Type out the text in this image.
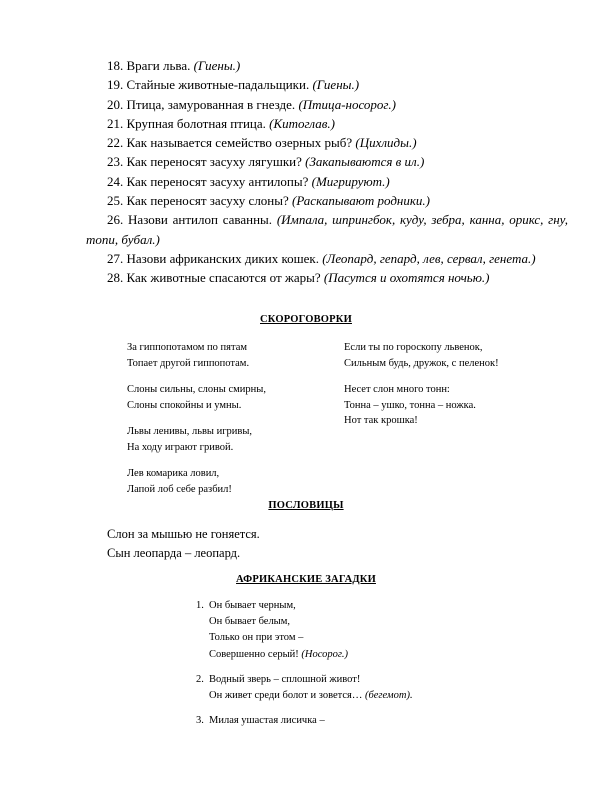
18. Враги льва. (Гиены.)
19. Стайные животные-падальщики. (Гиены.)
20. Птица, замурованная в гнезде. (Птица-носорог.)
21. Крупная болотная птица. (Китоглав.)
22. Как называется семейство озерных рыб? (Цихлиды.)
23. Как переносят засуху лягушки? (Закапываются в ил.)
24. Как переносят засуху антилопы? (Мигрируют.)
25. Как переносят засуху слоны? (Раскапывают родники.)
26. Назови антилоп саванны. (Импала, шпрингбок, куду, зебра, канна, орикс, гну, топи, бубал.)
27. Назови африканских диких кошек. (Леопард, гепард, лев, сервал, генета.)
28. Как животные спасаются от жары? (Пасутся и охотятся ночью.)
СКОРОГОВОРКИ
За гиппопотамом по пятам
Топает другой гиппопотам.
Слоны сильны, слоны смирны,
Слоны спокойны и умны.
Львы ленивы, львы игривы,
На ходу играют гривой.
Лев комарика ловил,
Лапой лоб себе разбил!
Если ты по гороскопу львенок,
Сильным будь, дружок, с пеленок!
Несет слон много тонн:
Тонна – ушко, тонна – ножка.
Нот так крошка!
ПОСЛОВИЦЫ
Слон за мышью не гоняется.
Сын леопарда – леопард.
АФРИКАНСКИЕ ЗАГАДКИ
1. Он бывает черным,
Он бывает белым,
Только он при этом –
Совершенно серый! (Носорог.)
2. Водный зверь – сплошной живот!
Он живет среди болот и зовется… (бегемот).
3. Милая ушастая лисичка –
